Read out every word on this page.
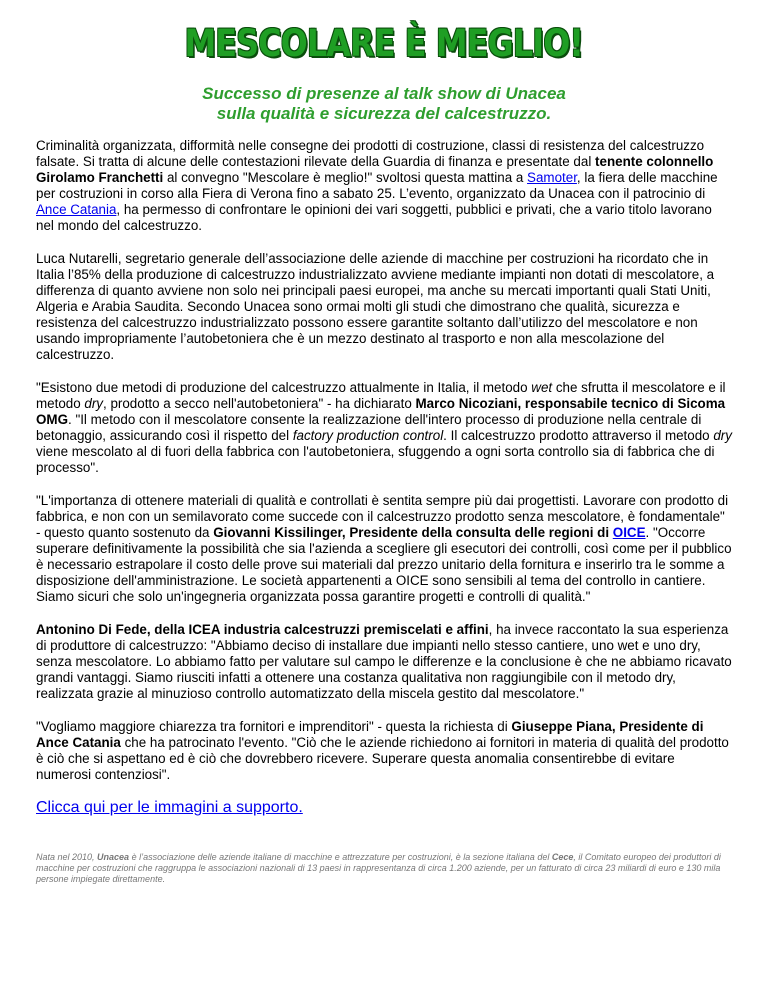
MESCOLARE È MEGLIO!
Successo di presenze al talk show di Unacea
sulla qualità e sicurezza del calcestruzzo.

Criminalità organizzata, difformità nelle consegne dei prodotti di costruzione, classi di resistenza del calcestruzzo falsate. Si tratta di alcune delle contestazioni rilevate della Guardia di finanza e presentate dal tenente colonnello Girolamo Franchetti al convegno "Mescolare è meglio!" svoltosi questa mattina a Samoter, la fiera delle macchine per costruzioni in corso alla Fiera di Verona fino a sabato 25. L’evento, organizzato da Unacea con il patrocinio di Ance Catania, ha permesso di confrontare le opinioni dei vari soggetti, pubblici e privati, che a vario titolo lavorano nel mondo del calcestruzzo.

Luca Nutarelli, segretario generale dell’associazione delle aziende di macchine per costruzioni ha ricordato che in Italia l’85% della produzione di calcestruzzo industrializzato avviene mediante impianti non dotati di mescolatore, a differenza di quanto avviene non solo nei principali paesi europei, ma anche su mercati importanti quali Stati Uniti, Algeria e Arabia Saudita. Secondo Unacea sono ormai molti gli studi che dimostrano che qualità, sicurezza e resistenza del calcestruzzo industrializzato possono essere garantite soltanto dall’utilizzo del mescolatore e non usando impropriamente l’autobetoniera che è un mezzo destinato al trasporto e non alla mescolazione del calcestruzzo.

"Esistono due metodi di produzione del calcestruzzo attualmente in Italia, il metodo wet che sfrutta il mescolatore e il metodo dry, prodotto a secco nell'autobetoniera" - ha dichiarato Marco Nicoziani, responsabile tecnico di Sicoma OMG. "Il metodo con il mescolatore consente la realizzazione dell'intero processo di produzione nella centrale di betonaggio, assicurando così il rispetto del factory production control. Il calcestruzzo prodotto attraverso il metodo dry viene mescolato al di fuori della fabbrica con l'autobetoniera, sfuggendo a ogni sorta controllo sia di fabbrica che di processo".

"L'importanza di ottenere materiali di qualità e controllati è sentita sempre più dai progettisti. Lavorare con prodotto di fabbrica, e non con un semilavorato come succede con il calcestruzzo prodotto senza mescolatore, è fondamentale" - questo quanto sostenuto da Giovanni Kissilinger, Presidente della consulta delle regioni di OICE. "Occorre superare definitivamente la possibilità che sia l'azienda a scegliere gli esecutori dei controlli, così come per il pubblico è necessario estrapolare il costo delle prove sui materiali dal prezzo unitario della fornitura e inserirlo tra le somme a disposizione dell'amministrazione. Le società appartenenti a OICE sono sensibili al tema del controllo in cantiere. Siamo sicuri che solo un'ingegneria organizzata possa garantire progetti e controlli di qualità."

Antonino Di Fede, della ICEA industria calcestruzzi premiscelati e affini, ha invece raccontato la sua esperienza di produttore di calcestruzzo: "Abbiamo deciso di installare due impianti nello stesso cantiere, uno wet e uno dry, senza mescolatore. Lo abbiamo fatto per valutare sul campo le differenze e la conclusione è che ne abbiamo ricavato grandi vantaggi. Siamo riusciti infatti a ottenere una costanza qualitativa non raggiungibile con il metodo dry, realizzata grazie al minuzioso controllo automatizzato della miscela gestito dal mescolatore."

"Vogliamo maggiore chiarezza tra fornitori e imprenditori" - questa la richiesta di Giuseppe Piana, Presidente di Ance Catania che ha patrocinato l'evento. "Ciò che le aziende richiedono ai fornitori in materia di qualità del prodotto è ciò che si aspettano ed è ciò che dovrebbero ricevere. Superare questa anomalia consentirebbe di evitare numerosi contenziosi".

Clicca qui per le immagini a supporto.
Nata nel 2010, Unacea è l’associazione delle aziende italiane di macchine e attrezzature per costruzioni, è la sezione italiana del Cece, il Comitato europeo dei produttori di macchine per costruzioni che raggruppa le associazioni nazionali di 13 paesi in rappresentanza di circa 1.200 aziende, per un fatturato di circa 23 miliardi di euro e 130 mila persone impiegate direttamente.
